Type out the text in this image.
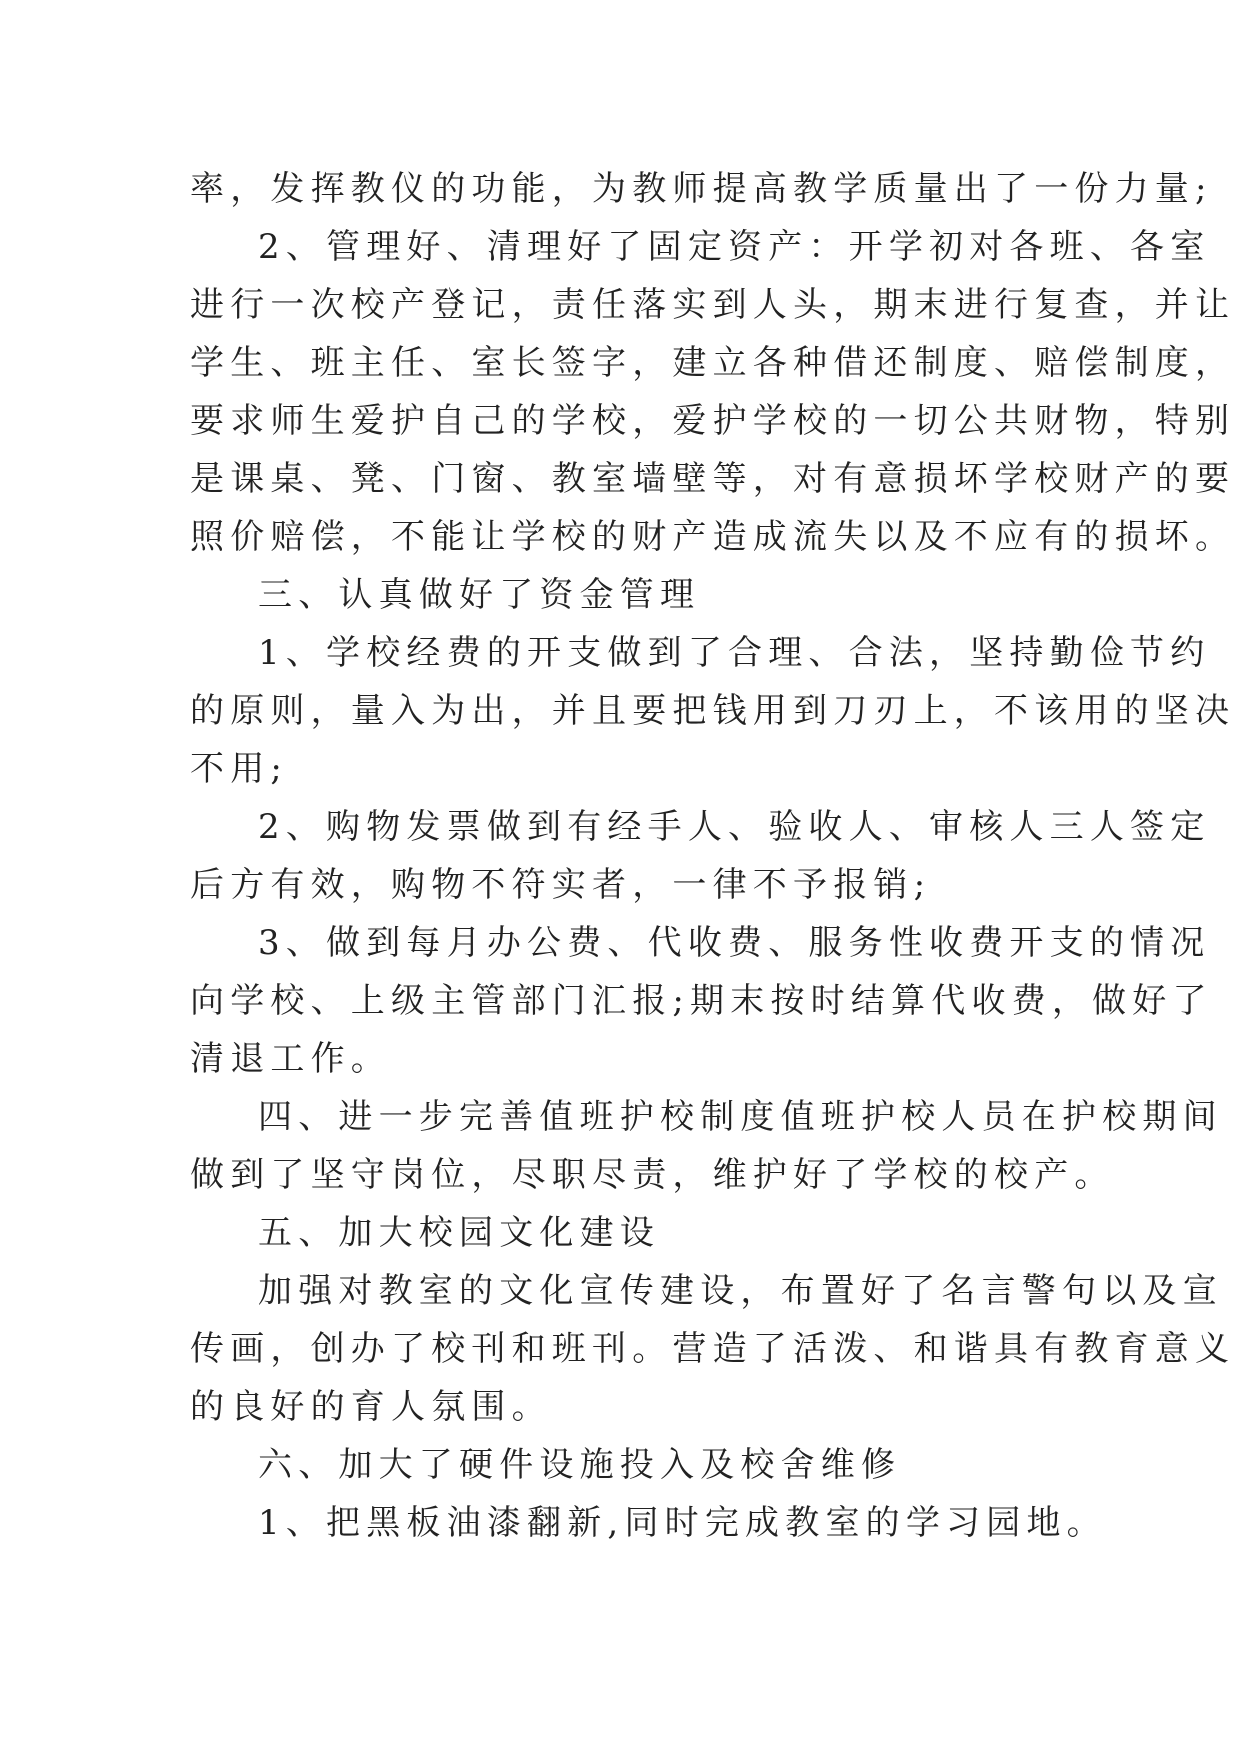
率，发挥教仪的功能，为教师提高教学质量出了一份力量;

2、管理好、清理好了固定资产：开学初对各班、各室

进行一次校产登记，责任落实到人头，期末进行复查，并让

学生、班主任、室长签字，建立各种借还制度、赔偿制度，

要求师生爱护自己的学校，爱护学校的一切公共财物，特别

是课桌、凳、门窗、教室墙壁等，对有意损坏学校财产的要

照价赔偿，不能让学校的财产造成流失以及不应有的损坏。

三、认真做好了资金管理

1、学校经费的开支做到了合理、合法，坚持勤俭节约

的原则，量入为出，并且要把钱用到刀刃上，不该用的坚决

不用;

2、购物发票做到有经手人、验收人、审核人三人签定

后方有效，购物不符实者，一律不予报销;

3、做到每月办公费、代收费、服务性收费开支的情况

向学校、上级主管部门汇报;期末按时结算代收费，做好了

清退工作。

四、进一步完善值班护校制度值班护校人员在护校期间

做到了坚守岗位，尽职尽责，维护好了学校的校产。

五、加大校园文化建设

加强对教室的文化宣传建设，布置好了名言警句以及宣

传画，创办了校刊和班刊。营造了活泼、和谐具有教育意义

的良好的育人氛围。

六、加大了硬件设施投入及校舍维修

1、把黑板油漆翻新,同时完成教室的学习园地。
